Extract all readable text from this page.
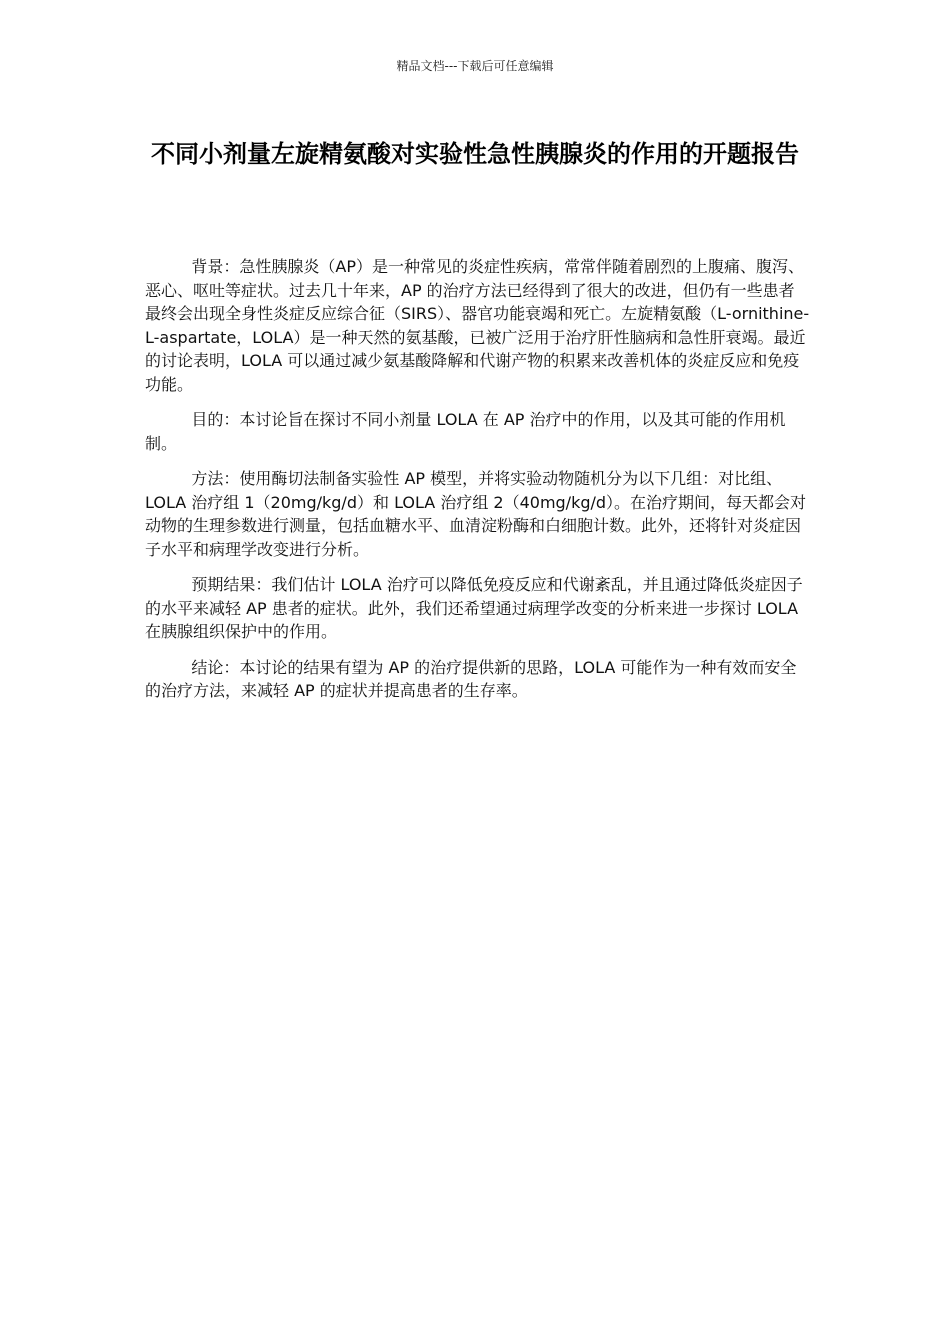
精品文档---下载后可任意编辑
不同小剂量左旋精氨酸对实验性急性胰腺炎的作用的开题报告

背景：急性胰腺炎（AP）是一种常见的炎症性疾病，常常伴随着剧烈的上腹痛、腹泻、恶心、呕吐等症状。过去几十年来，AP 的治疗方法已经得到了很大的改进，但仍有一些患者最终会出现全身性炎症反应综合征（SIRS）、器官功能衰竭和死亡。左旋精氨酸（L-ornithine-L-aspartate，LOLA）是一种天然的氨基酸，已被广泛用于治疗肝性脑病和急性肝衰竭。最近的讨论表明，LOLA 可以通过减少氨基酸降解和代谢产物的积累来改善机体的炎症反应和免疫功能。

目的：本讨论旨在探讨不同小剂量 LOLA 在 AP 治疗中的作用，以及其可能的作用机制。

方法：使用酶切法制备实验性 AP 模型，并将实验动物随机分为以下几组：对比组、LOLA 治疗组 1（20mg/kg/d）和 LOLA 治疗组 2（40mg/kg/d）。在治疗期间，每天都会对动物的生理参数进行测量，包括血糖水平、血清淀粉酶和白细胞计数。此外，还将针对炎症因子水平和病理学改变进行分析。

预期结果：我们估计 LOLA 治疗可以降低免疫反应和代谢紊乱，并且通过降低炎症因子的水平来减轻 AP 患者的症状。此外，我们还希望通过病理学改变的分析来进一步探讨 LOLA 在胰腺组织保护中的作用。

结论：本讨论的结果有望为 AP 的治疗提供新的思路，LOLA 可能作为一种有效而安全的治疗方法，来减轻 AP 的症状并提高患者的生存率。
